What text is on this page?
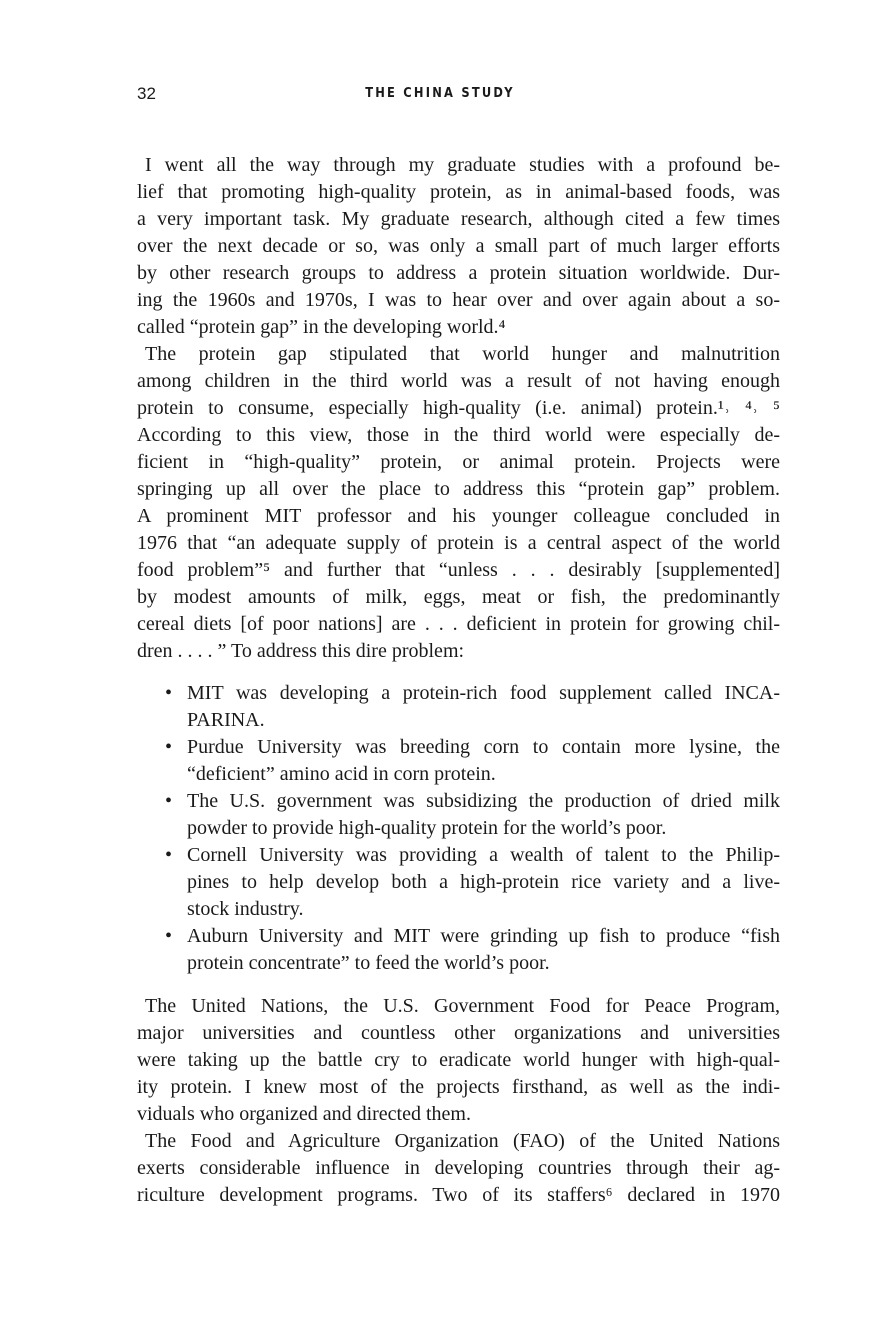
32	THE CHINA STUDY
I went all the way through my graduate studies with a profound be-
lief that promoting high-quality protein, as in animal-based foods, was
a very important task. My graduate research, although cited a few times
over the next decade or so, was only a small part of much larger efforts
by other research groups to address a protein situation worldwide. Dur-
ing the 1960s and 1970s, I was to hear over and over again about a so-
called “protein gap” in the developing world.⁴
The protein gap stipulated that world hunger and malnutrition
among children in the third world was a result of not having enough
protein to consume, especially high-quality (i.e. animal) protein.¹˒ ⁴˒ ⁵
According to this view, those in the third world were especially de-
ficient in “high-quality” protein, or animal protein. Projects were
springing up all over the place to address this “protein gap” problem.
A prominent MIT professor and his younger colleague concluded in
1976 that “an adequate supply of protein is a central aspect of the world
food problem”⁵ and further that “unless . . . desirably [supplemented]
by modest amounts of milk, eggs, meat or fish, the predominantly
cereal diets [of poor nations] are . . . deficient in protein for growing chil-
dren . . . . ” To address this dire problem:
• MIT was developing a protein-rich food supplement called INCA-
PARINA.
• Purdue University was breeding corn to contain more lysine, the
“deficient” amino acid in corn protein.
• The U.S. government was subsidizing the production of dried milk
powder to provide high-quality protein for the world’s poor.
• Cornell University was providing a wealth of talent to the Philip-
pines to help develop both a high-protein rice variety and a live-
stock industry.
• Auburn University and MIT were grinding up fish to produce “fish
protein concentrate” to feed the world’s poor.
The United Nations, the U.S. Government Food for Peace Program,
major universities and countless other organizations and universities
were taking up the battle cry to eradicate world hunger with high-qual-
ity protein. I knew most of the projects firsthand, as well as the indi-
viduals who organized and directed them.
The Food and Agriculture Organization (FAO) of the United Nations
exerts considerable influence in developing countries through their ag-
riculture development programs. Two of its staffers⁶ declared in 1970
